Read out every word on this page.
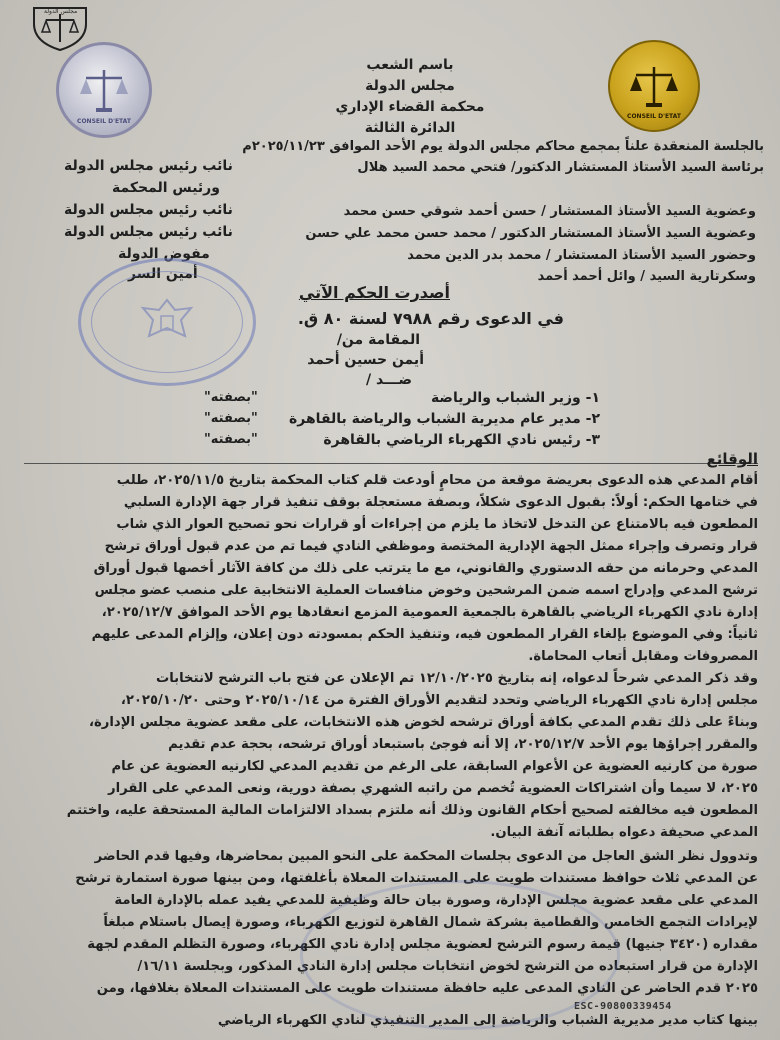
مجلس الدولة
CONSEIL D'ETAT
CONSEIL D'ETAT
باسم الشعب
مجلس الدولة
محكمة القضاء الإداري
الدائرة الثالثة
بالجلسة المنعقدة علناً بمجمع محاكم مجلس الدولة يوم الأحد الموافق ٢٠٢٥/١١/٢٣م
برئاسة السيد الأستاذ المستشار الدكتور/ فتحي محمد السيد هلال
نائب رئيس مجلس الدولة
ورئيس المحكمة
نائب رئيس مجلس الدولة
نائب رئيس مجلس الدولة
مفوض الدولة
أمين السر
وعضوية السيد الأستاذ المستشار / حسن أحمد شوقي حسن محمد
وعضوية السيد الأستاذ المستشار الدكتور / محمد حسن محمد علي حسن
وحضور السيد الأستاذ المستشار / محمد بدر الدين محمد
وسكرتارية السيد / وائل أحمد أحمد
أصدرت الحكم الآتي
في الدعوى رقم ٧٩٨٨ لسنة ٨٠ ق.
المقامة من/
أيمن حسين أحمد
ضـــد /
١- وزير الشباب والرياضة
٢- مدير عام مديرية الشباب والرياضة بالقاهرة
٣- رئيس نادي الكهرباء الرياضي بالقاهرة
"بصفته"
"بصفته"
"بصفته"
الوقائع
أقام المدعي هذه الدعوى بعريضة موقعة من محامٍ أودعت قلم كتاب المحكمة بتاريخ ٢٠٢٥/١١/٥، طلب
في ختامها الحكم: أولاً: بقبول الدعوى شكلاً، وبصفة مستعجلة بوقف تنفيذ قرار جهة الإدارة السلبي
المطعون فيه بالامتناع عن التدخل لاتخاذ ما يلزم من إجراءات أو قرارات نحو تصحيح العوار الذي شاب
قرار وتصرف وإجراء ممثل الجهة الإدارية المختصة وموظفي النادي فيما تم من عدم قبول أوراق ترشح
المدعي وحرمانه من حقه الدستوري والقانوني، مع ما يترتب على ذلك من كافة الآثار أخصها قبول أوراق
ترشح المدعي وإدراج اسمه ضمن المرشحين وخوض منافسات العملية الانتخابية على منصب عضو مجلس
إدارة نادي الكهرباء الرياضي بالقاهرة بالجمعية العمومية المزمع انعقادها يوم الأحد الموافق ٢٠٢٥/١٢/٧،
ثانياً: وفي الموضوع بإلغاء القرار المطعون فيه، وتنفيذ الحكم بمسودته دون إعلان، وإلزام المدعى عليهم
المصروفات ومقابل أتعاب المحاماة.
وقد ذكر المدعي شرحاً لدعواه، إنه بتاريخ ١٢/١٠/٢٠٢٥ تم الإعلان عن فتح باب الترشح لانتخابات
مجلس إدارة نادي الكهرباء الرياضي وتحدد لتقديم الأوراق الفترة من ٢٠٢٥/١٠/١٤ وحتى ٢٠٢٥/١٠/٢٠،
وبناءً على ذلك تقدم المدعي بكافة أوراق ترشحه لخوض هذه الانتخابات، على مقعد عضوية مجلس الإدارة،
والمقرر إجراؤها يوم الأحد ٢٠٢٥/١٢/٧، إلا أنه فوجئ باستبعاد أوراق ترشحه، بحجة عدم تقديم
صورة من كارنيه العضوية عن الأعوام السابقة، على الرغم من تقديم المدعي لكارنيه العضوية عن عام
٢٠٢٥، لا سيما وأن اشتراكات العضوية تُخصم من راتبه الشهري بصفة دورية، ونعى المدعي على القرار
المطعون فيه مخالفته لصحيح أحكام القانون وذلك أنه ملتزم بسداد الالتزامات المالية المستحقة عليه، واختتم
المدعي صحيفة دعواه بطلباته آنفة البيان.
وتدوول نظر الشق العاجل من الدعوى بجلسات المحكمة على النحو المبين بمحاضرها، وفيها قدم الحاضر
عن المدعي ثلاث حوافظ مستندات طويت على المستندات المعلاة بأغلفتها، ومن بينها صورة استمارة ترشح
المدعي على مقعد عضوية مجلس الإدارة، وصورة بيان حالة وظيفية للمدعي يفيد عمله بالإدارة العامة
لإيرادات التجمع الخامس والقطامية بشركة شمال القاهرة لتوزيع الكهرباء، وصورة إيصال باستلام مبلغاً
مقداره (٣٤٢٠ جنيها) قيمة رسوم الترشح لعضوية مجلس إدارة نادي الكهرباء، وصورة التظلم المقدم لجهة
الإدارة من قرار استبعاده من الترشح لخوض انتخابات مجلس إدارة النادي المذكور، وبجلسة ١٦/١١/
٢٠٢٥ قدم الحاضر عن النادي المدعى عليه حافظة مستندات طويت على المستندات المعلاة بغلافها، ومن
بينها كتاب مدير مديرية الشباب والرياضة إلى المدير التنفيذي لنادي الكهرباء الرياضي
ESC-90800339454
